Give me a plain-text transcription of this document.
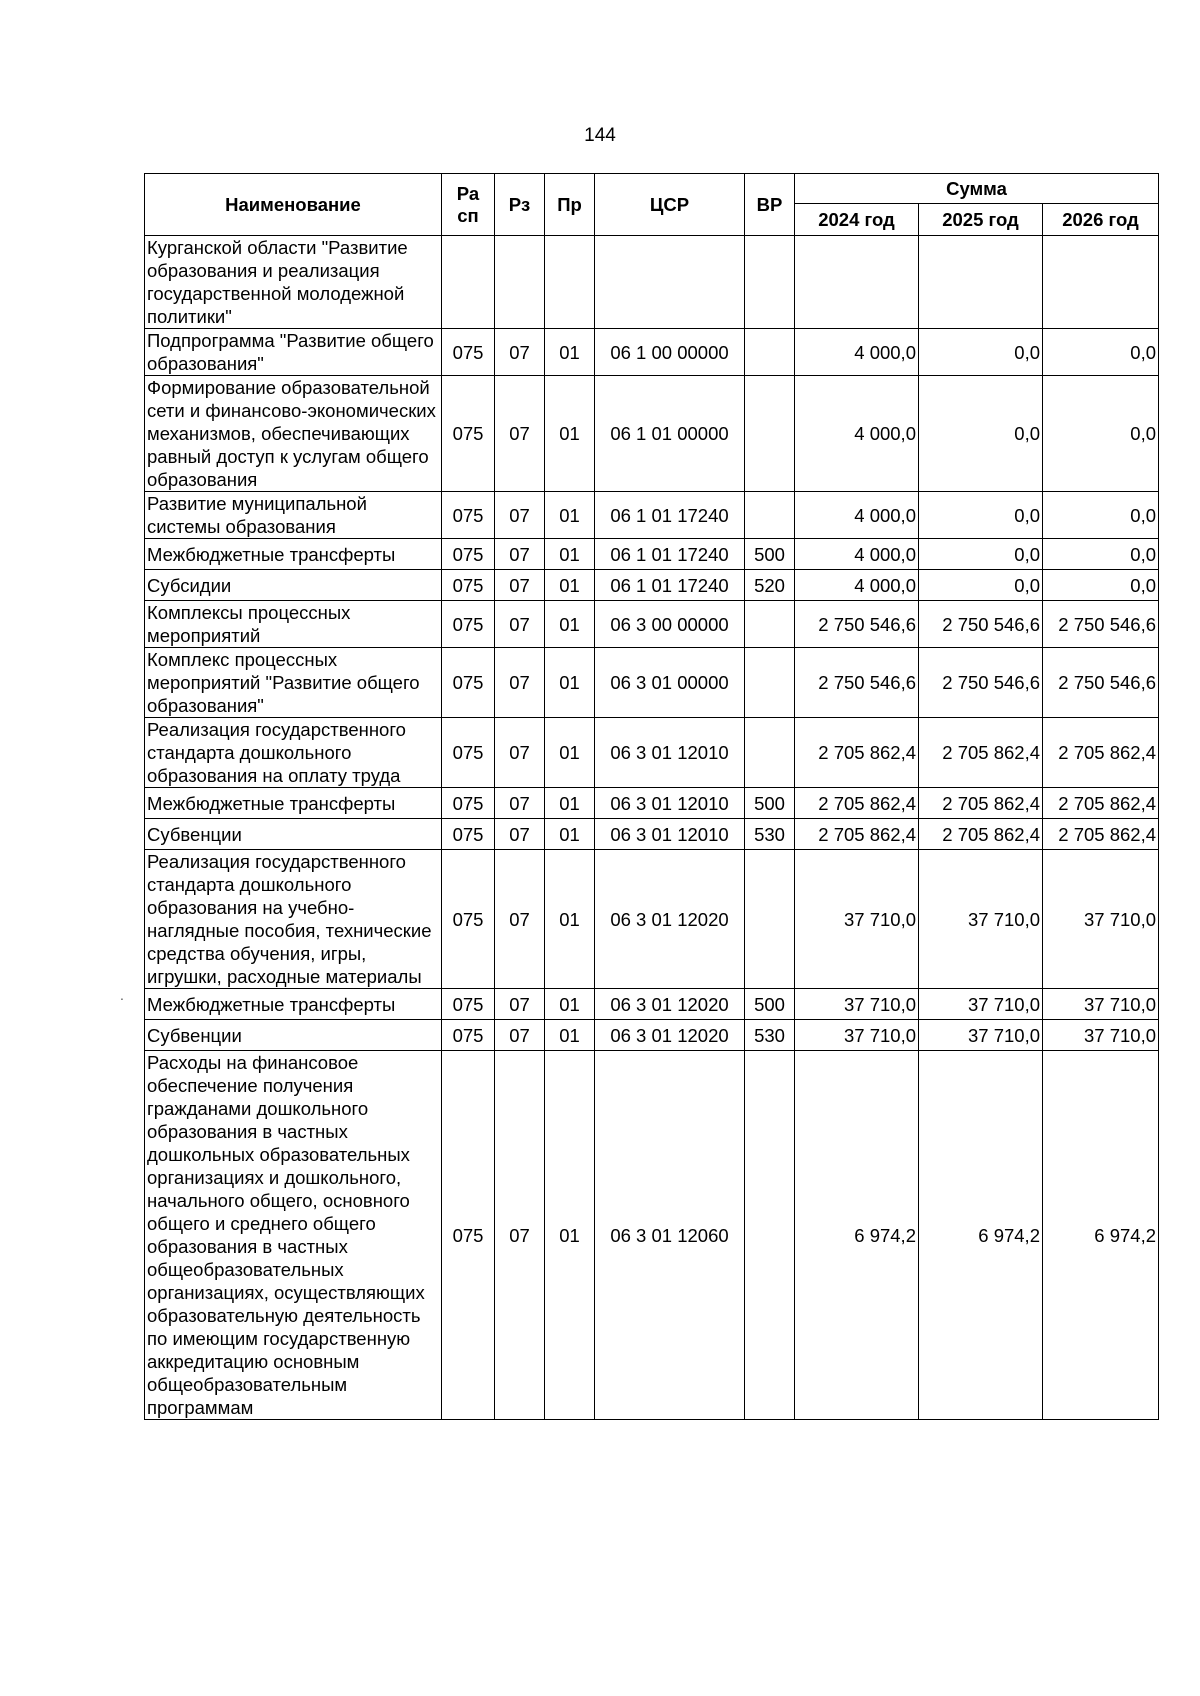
144
.
Наименование	Ра сп	Рз	Пр	ЦСР	ВР	Сумма		
						2024 год	2025 год	2026 год
Курганской области "Развитие образования и реализация государственной молодежной политики"								
Подпрограмма "Развитие общего образования"	075	07	01	06 1 00 00000		4 000,0	0,0	0,0
Формирование образовательной сети и финансово-экономических механизмов, обеспечивающих равный доступ к услугам общего образования	075	07	01	06 1 01 00000		4 000,0	0,0	0,0
Развитие муниципальной системы образования	075	07	01	06 1 01 17240		4 000,0	0,0	0,0
Межбюджетные трансферты	075	07	01	06 1 01 17240	500	4 000,0	0,0	0,0
Субсидии	075	07	01	06 1 01 17240	520	4 000,0	0,0	0,0
Комплексы процессных мероприятий	075	07	01	06 3 00 00000		2 750 546,6	2 750 546,6	2 750 546,6
Комплекс процессных мероприятий "Развитие общего образования"	075	07	01	06 3 01 00000		2 750 546,6	2 750 546,6	2 750 546,6
Реализация государственного стандарта дошкольного образования на оплату труда	075	07	01	06 3 01 12010		2 705 862,4	2 705 862,4	2 705 862,4
Межбюджетные трансферты	075	07	01	06 3 01 12010	500	2 705 862,4	2 705 862,4	2 705 862,4
Субвенции	075	07	01	06 3 01 12010	530	2 705 862,4	2 705 862,4	2 705 862,4
Реализация государственного стандарта дошкольного образования на учебно-наглядные пособия, технические средства обучения, игры, игрушки, расходные материалы	075	07	01	06 3 01 12020		37 710,0	37 710,0	37 710,0
Межбюджетные трансферты	075	07	01	06 3 01 12020	500	37 710,0	37 710,0	37 710,0
Субвенции	075	07	01	06 3 01 12020	530	37 710,0	37 710,0	37 710,0
Расходы на финансовое обеспечение получения гражданами дошкольного образования в частных дошкольных образовательных организациях и дошкольного, начального общего, основного общего и среднего общего образования в частных общеобразовательных организациях, осуществляющих образовательную деятельность по имеющим государственную аккредитацию основным общеобразовательным программам	075	07	01	06 3 01 12060		6 974,2	6 974,2	6 974,2
